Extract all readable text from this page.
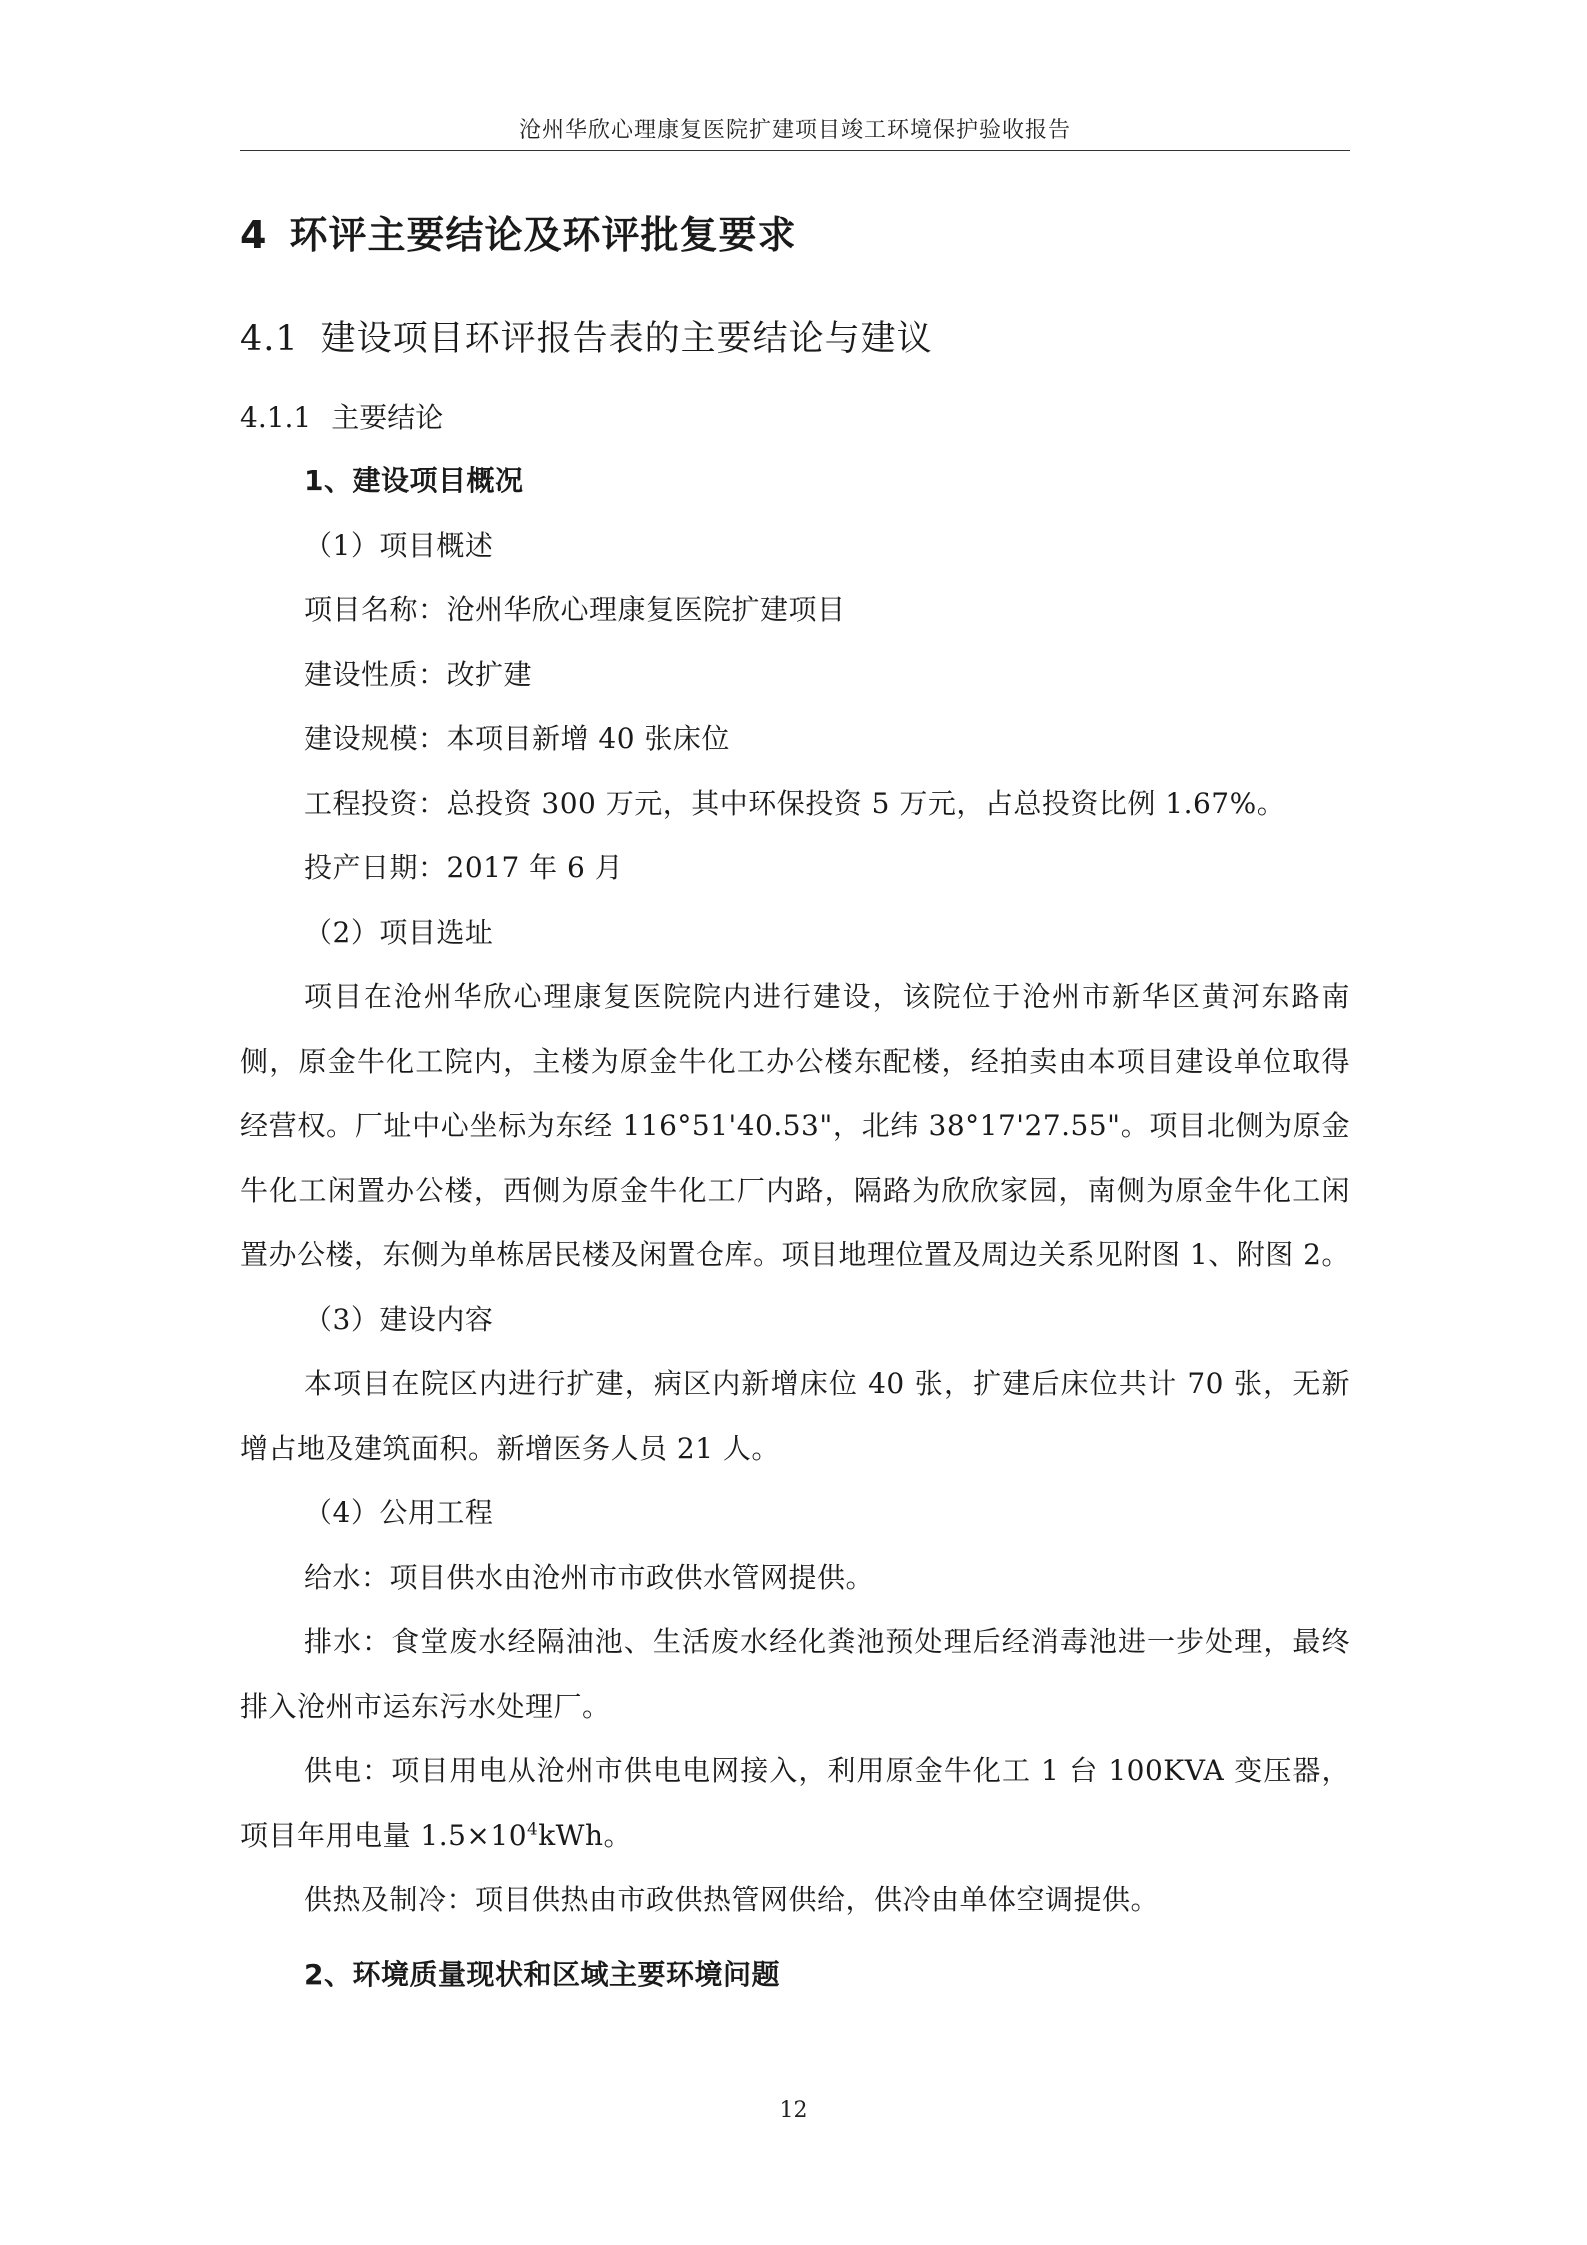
沧州华欣心理康复医院扩建项目竣工环境保护验收报告
4 环评主要结论及环评批复要求
4.1 建设项目环评报告表的主要结论与建议
4.1.1 主要结论

1、建设项目概况

（1）项目概述

项目名称：沧州华欣心理康复医院扩建项目

建设性质：改扩建

建设规模：本项目新增 40 张床位

工程投资：总投资 300 万元，其中环保投资 5 万元，占总投资比例 1.67%。

投产日期：2017 年 6 月

（2）项目选址

项目在沧州华欣心理康复医院院内进行建设，该院位于沧州市新华区黄河东路南侧，原金牛化工院内，主楼为原金牛化工办公楼东配楼，经拍卖由本项目建设单位取得经营权。厂址中心坐标为东经 116°51'40.53"，北纬 38°17'27.55"。项目北侧为原金牛化工闲置办公楼，西侧为原金牛化工厂内路，隔路为欣欣家园，南侧为原金牛化工闲置办公楼，东侧为单栋居民楼及闲置仓库。项目地理位置及周边关系见附图 1、附图 2。

（3）建设内容

本项目在院区内进行扩建，病区内新增床位 40 张，扩建后床位共计 70 张，无新增占地及建筑面积。新增医务人员 21 人。

（4）公用工程

给水：项目供水由沧州市市政供水管网提供。

排水：食堂废水经隔油池、生活废水经化粪池预处理后经消毒池进一步处理，最终排入沧州市运东污水处理厂。

供电：项目用电从沧州市供电电网接入，利用原金牛化工 1 台 100KVA 变压器，项目年用电量 $1.5\times 10^4kWh$。

供热及制冷：项目供热由市政供热管网供给，供冷由单体空调提供。

2、环境质量现状和区域主要环境问题

12
